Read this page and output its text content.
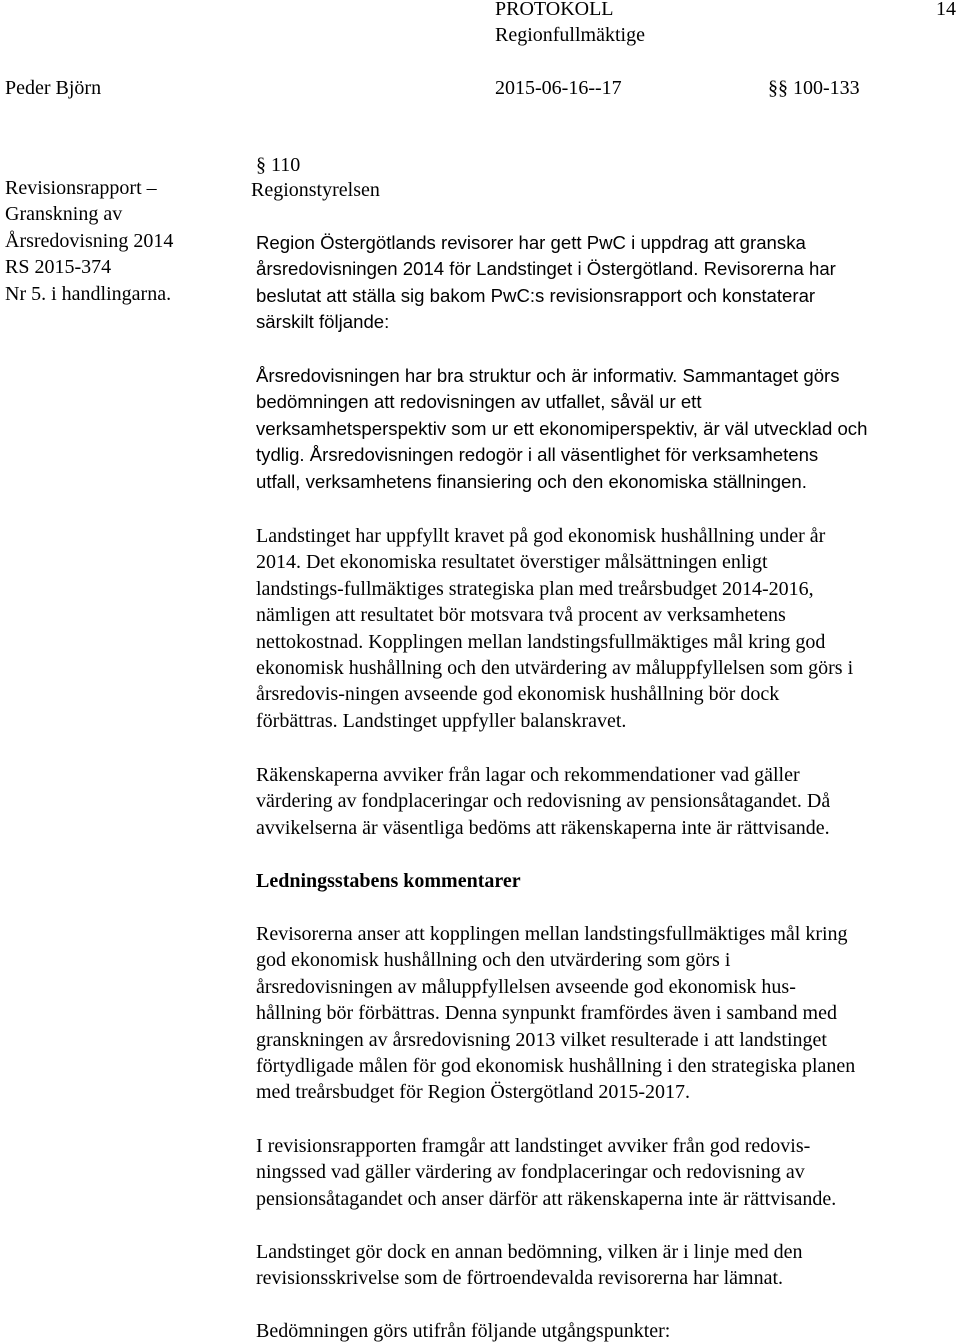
PROTOKOLL	14
Regionfullmäktige
Peder Björn	2015-06-16--17	§§ 100-133
§ 110
Regionstyrelsen
Revisionsrapport –
Granskning av
Årsredovisning 2014
RS 2015-374
Nr 5. i handlingarna.

Region Östergötlands revisorer har gett PwC i uppdrag att granska

årsredovisningen 2014 för Landstinget i Östergötland. Revisorerna har

beslutat att ställa sig bakom PwC:s revisionsrapport och konstaterar

särskilt följande:

Årsredovisningen har bra struktur och är informativ. Sammantaget görs

bedömningen att redovisningen av utfallet, såväl ur ett

verksamhetsperspektiv som ur ett ekonomiperspektiv, är väl utvecklad och

tydlig. Årsredovisningen redogör i all väsentlighet för verksamhetens

utfall, verksamhetens finansiering och den ekonomiska ställningen.

Landstinget har uppfyllt kravet på god ekonomisk hushållning under år

2014. Det ekonomiska resultatet överstiger målsättningen enligt

landstings-fullmäktiges strategiska plan med treårsbudget 2014-2016,

nämligen att resultatet bör motsvara två procent av verksamhetens

nettokostnad. Kopplingen mellan landstingsfullmäktiges mål kring god

ekonomisk hushållning och den utvärdering av måluppfyllelsen som görs i

årsredovis-ningen avseende god ekonomisk hushållning bör dock

förbättras. Landstinget uppfyller balanskravet.

Räkenskaperna avviker från lagar och rekommendationer vad gäller

värdering av fondplaceringar och redovisning av pensionsåtagandet. Då

avvikelserna är väsentliga bedöms att räkenskaperna inte är rättvisande.

Ledningsstabens kommentarer

Revisorerna anser att kopplingen mellan landstingsfullmäktiges mål kring

god ekonomisk hushållning och den utvärdering som görs i

årsredovisningen av måluppfyllelsen avseende god ekonomisk hus-

hållning bör förbättras. Denna synpunkt framfördes även i samband med

granskningen av årsredovisning 2013 vilket resulterade i att landstinget

förtydligade målen för god ekonomisk hushållning i den strategiska planen

med treårsbudget för Region Östergötland 2015-2017.

I revisionsrapporten framgår att landstinget avviker från god redovis-

ningssed vad gäller värdering av fondplaceringar och redovisning av

pensionsåtagandet och anser därför att räkenskaperna inte är rättvisande.

Landstinget gör dock en annan bedömning, vilken är i linje med den

revisionsskrivelse som de förtroendevalda revisorerna har lämnat.

Bedömningen görs utifrån följande utgångspunkter:
